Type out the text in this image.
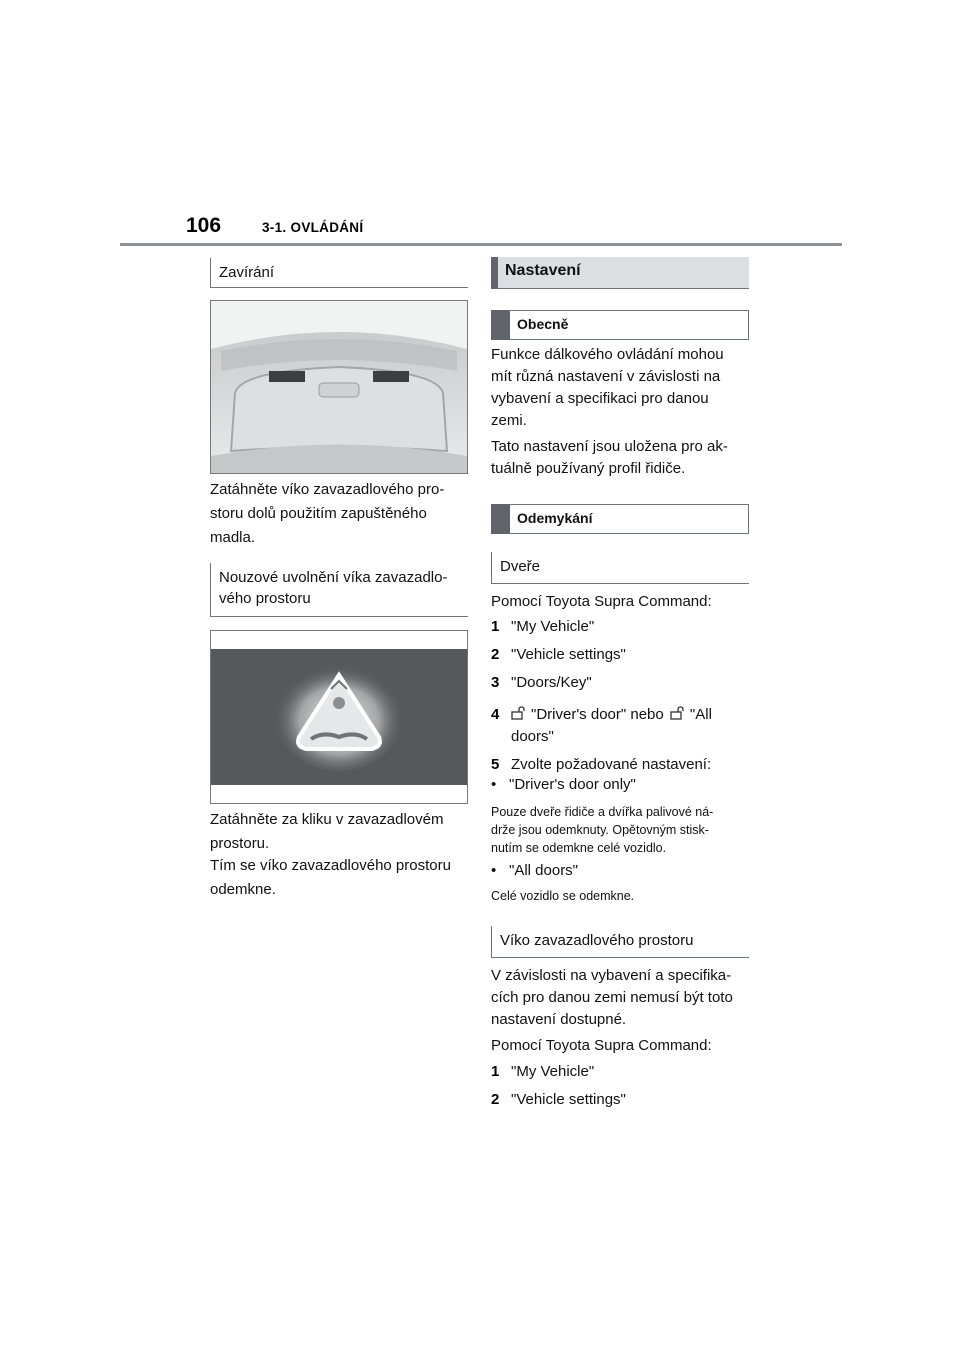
106	3-1. OVLÁDÁNÍ
Zavírání
Zatáhněte víko zavazadlového pro-
storu dolů použitím zapuštěného
madla.
Nouzové uvolnění víka zavazadlo-
vého prostoru
Zatáhněte za kliku v zavazadlovém
prostoru.
Tím se víko zavazadlového prostoru
odemkne.
Nastavení
Obecně
Funkce dálkového ovládání mohou
mít různá nastavení v závislosti na
vybavení a specifikaci pro danou
zemi.
Tato nastavení jsou uložena pro ak-
tuálně používaný profil řidiče.
Odemykání
Dveře
Pomocí Toyota Supra Command:
1 "My Vehicle"
2 "Vehicle settings"
3 "Doors/Key"
4 "Driver's door" nebo "All
doors"
5 Zvolte požadované nastavení:
• "Driver's door only"
Pouze dveře řidiče a dvířka palivové ná-
drže jsou odemknuty. Opětovným stisk-
nutím se odemkne celé vozidlo.
• "All doors"
Celé vozidlo se odemkne.
Víko zavazadlového prostoru
V závislosti na vybavení a specifika-
cích pro danou zemi nemusí být toto
nastavení dostupné.
Pomocí Toyota Supra Command:
1 "My Vehicle"
2 "Vehicle settings"
